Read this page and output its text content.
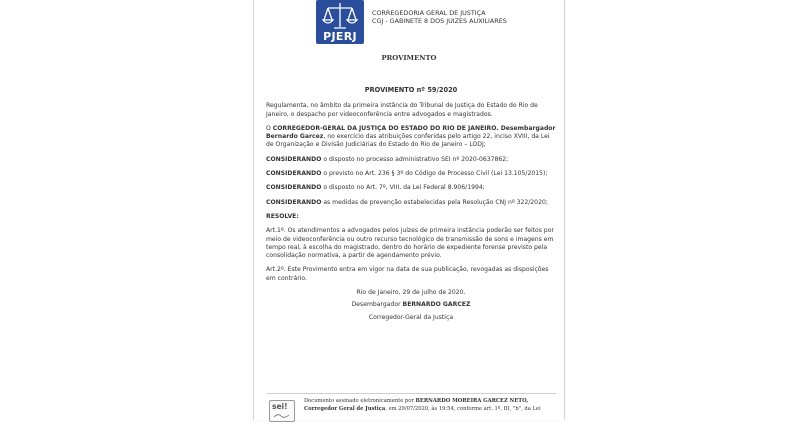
PJERJ
CORREGEDORIA GERAL DE JUSTIÇA
CGJ - GABINETE 8 DOS JUIZES AUXILIARES
PROVIMENTO

PROVIMENTO nº 59/2020

Regulamenta, no âmbito da primeira instância do Tribunal de Justiça do Estado do Rio de Janeiro, o despacho por videoconferência entre advogados e magistrados.

O CORREGEDOR-GERAL DA JUSTIÇA DO ESTADO DO RIO DE JANEIRO. Desembargador Bernardo Garcez, no exercício das atribuições conferidas pelo artigo 22, inciso XVIII, da Lei de Organização e Divisão Judiciárias do Estado do Rio de Janeiro – LODJ;

CONSIDERANDO o disposto no processo administrativo SEI nº 2020-0637862;

CONSIDERANDO o previsto no Art. 236 § 3º do Código de Processo Civil (Lei 13.105/2015);

CONSIDERANDO o disposto no Art. 7º, VIII, da Lei Federal 8.906/1994;

CONSIDERANDO as medidas de prevenção estabelecidas pela Resolução CNJ nº 322/2020;

RESOLVE:

Art.1º. Os atendimentos a advogados pelos juízes de primeira instância poderão ser feitos por meio de videoconferência ou outro recurso tecnológico de transmissão de sons e imagens em tempo real, à escolha do magistrado, dentro do horário de expediente forense previsto pela consolidação normativa, a partir de agendamento prévio.

Art.2º. Este Provimento entra em vigor na data de sua publicação, revogadas as disposições em contrário.

Rio de Janeiro, 29 de julho de 2020.

Desembargador BERNARDO GARCEZ

Corregedor-Geral da Justiça

sei!
Documento assinado eletronicamente por BERNARDO MOREIRA GARCEZ NETO,
Corregedor Geral de Justiça, em 29/07/2020, às 19:54, conforme art. 1º, III, "b", da Lei
